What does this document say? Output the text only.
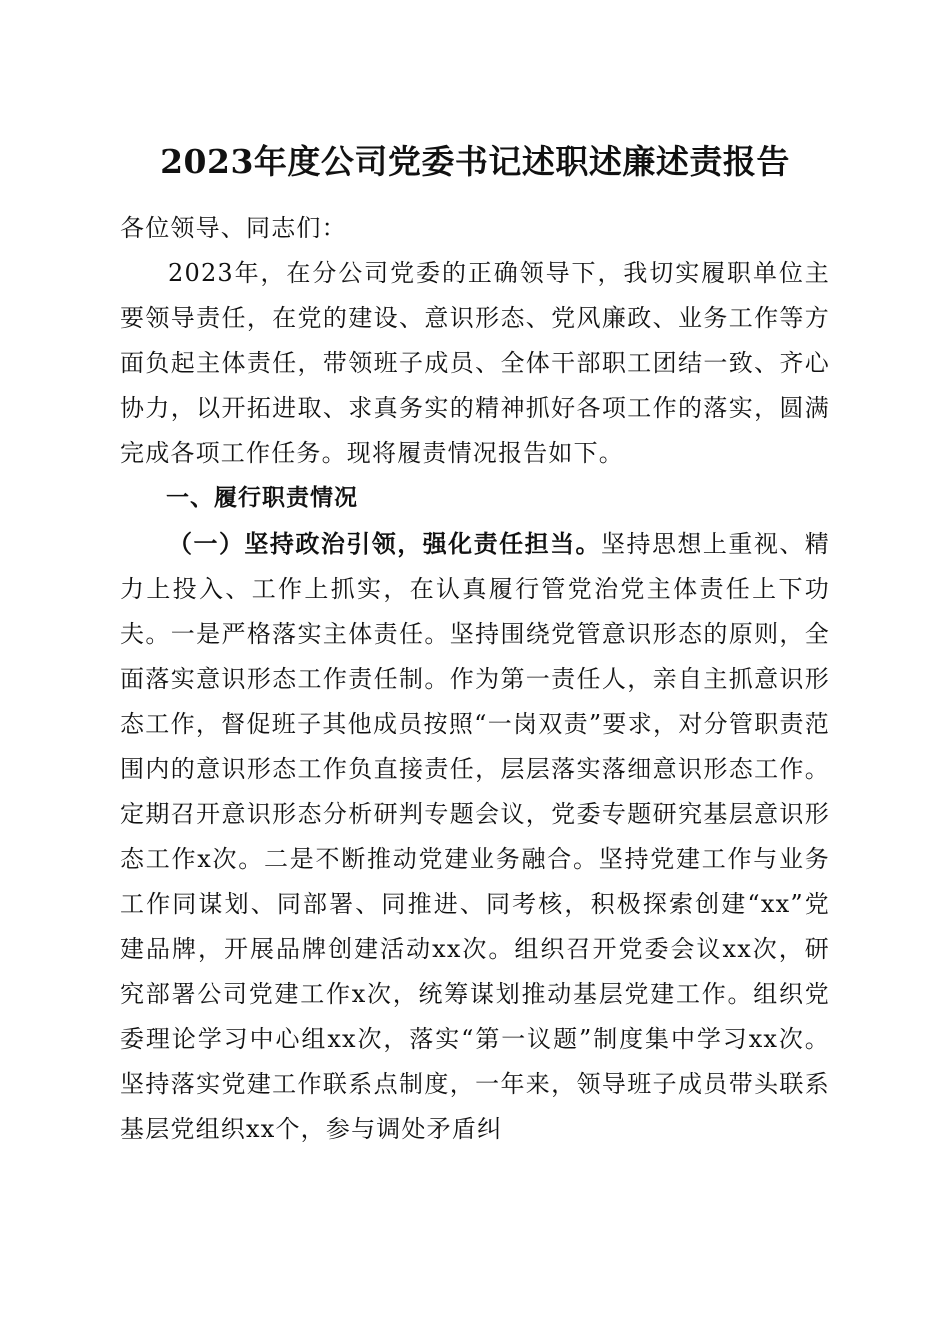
2023年度公司党委书记述职述廉述责报告

各位领导、同志们：

2023年，在分公司党委的正确领导下，我切实履职单位主要领导责任，在党的建设、意识形态、党风廉政、业务工作等方面负起主体责任，带领班子成员、全体干部职工团结一致、齐心协力，以开拓进取、求真务实的精神抓好各项工作的落实，圆满完成各项工作任务。现将履责情况报告如下。

一、履行职责情况

（一）坚持政治引领，强化责任担当。坚持思想上重视、精力上投入、工作上抓实，在认真履行管党治党主体责任上下功夫。一是严格落实主体责任。坚持围绕党管意识形态的原则，全面落实意识形态工作责任制。作为第一责任人，亲自主抓意识形态工作，督促班子其他成员按照“一岗双责”要求，对分管职责范围内的意识形态工作负直接责任，层层落实落细意识形态工作。定期召开意识形态分析研判专题会议，党委专题研究基层意识形态工作x次。二是不断推动党建业务融合。坚持党建工作与业务工作同谋划、同部署、同推进、同考核，积极探索创建“xx”党建品牌，开展品牌创建活动xx次。组织召开党委会议xx次，研究部署公司党建工作x次，统筹谋划推动基层党建工作。组织党委理论学习中心组xx次，落实“第一议题”制度集中学习xx次。坚持落实党建工作联系点制度，一年来，领导班子成员带头联系基层党组织xx个，参与调处矛盾纠
